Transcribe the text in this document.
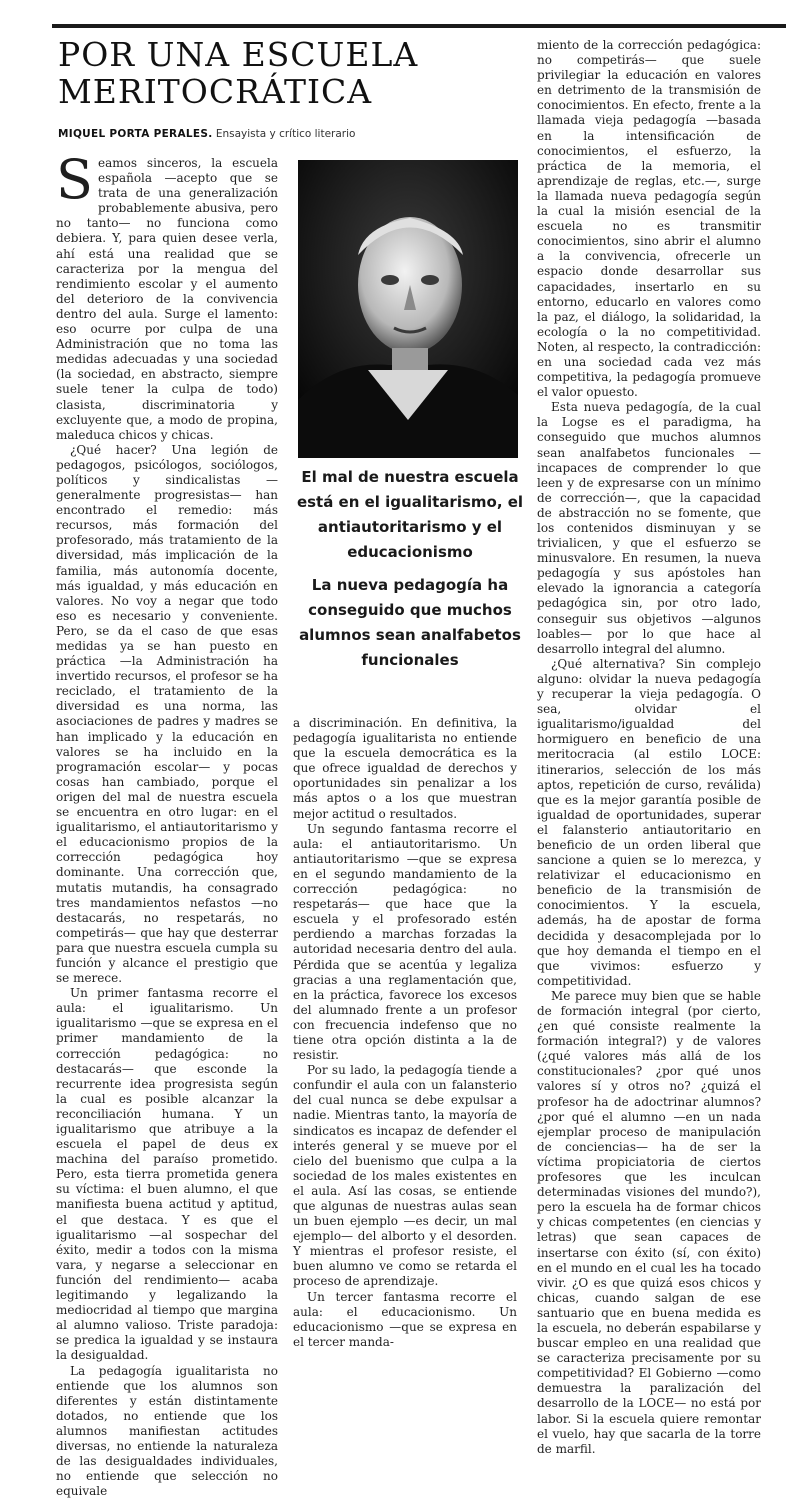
POR UNA ESCUELA MERITOCRÁTICA
MIQUEL PORTA PERALES. Ensayista y crítico literario

Seamos sinceros, la escuela española —acepto que se trata de una generalización probablemente abusiva, pero no tanto— no funciona como debiera. Y, para quien desee verla, ahí está una realidad que se caracteriza por la mengua del rendimiento escolar y el aumento del deterioro de la convivencia dentro del aula. Surge el lamento: eso ocurre por culpa de una Administración que no toma las medidas adecuadas y una sociedad (la sociedad, en abstracto, siempre suele tener la culpa de todo) clasista, discriminatoria y excluyente que, a modo de propina, maleduca chicos y chicas.

¿Qué hacer? Una legión de pedagogos, psicólogos, sociólogos, políticos y sindicalistas —generalmente progresistas— han encontrado el remedio: más recursos, más formación del profesorado, más tratamiento de la diversidad, más implicación de la familia, más autonomía docente, más igualdad, y más educación en valores. No voy a negar que todo eso es necesario y conveniente. Pero, se da el caso de que esas medidas ya se han puesto en práctica —la Administración ha invertido recursos, el profesor se ha reciclado, el tratamiento de la diversidad es una norma, las asociaciones de padres y madres se han implicado y la educación en valores se ha incluido en la programación escolar— y pocas cosas han cambiado, porque el origen del mal de nuestra escuela se encuentra en otro lugar: en el igualitarismo, el antiautoritarismo y el educacionismo propios de la corrección pedagógica hoy dominante. Una corrección que, mutatis mutandis, ha consagrado tres mandamientos nefastos —no destacarás, no respetarás, no competirás— que hay que desterrar para que nuestra escuela cumpla su función y alcance el prestigio que se merece.

Un primer fantasma recorre el aula: el igualitarismo. Un igualitarismo —que se expresa en el primer mandamiento de la corrección pedagógica: no destacarás— que esconde la recurrente idea progresista según la cual es posible alcanzar la reconciliación humana. Y un igualitarismo que atribuye a la escuela el papel de deus ex machina del paraíso prometido. Pero, esta tierra prometida genera su víctima: el buen alumno, el que manifiesta buena actitud y aptitud, el que destaca. Y es que el igualitarismo —al sospechar del éxito, medir a todos con la misma vara, y negarse a seleccionar en función del rendimiento— acaba legitimando y legalizando la mediocridad al tiempo que margina al alumno valioso. Triste paradoja: se predica la igualdad y se instaura la desigualdad.

La pedagogía igualitarista no entiende que los alumnos son diferentes y están distintamente dotados, no entiende que los alumnos manifiestan actitudes diversas, no entiende la naturaleza de las desigualdades individuales, no entiende que selección no equivale

El mal de nuestra escuela está en el igualitarismo, el antiautoritarismo y el educacionismo

La nueva pedagogía ha conseguido que muchos alumnos sean analfabetos funcionales

a discriminación. En definitiva, la pedagogía igualitarista no entiende que la escuela democrática es la que ofrece igualdad de derechos y oportunidades sin penalizar a los más aptos o a los que muestran mejor actitud o resultados.

Un segundo fantasma recorre el aula: el antiautoritarismo. Un antiautoritarismo —que se expresa en el segundo mandamiento de la corrección pedagógica: no respetarás— que hace que la escuela y el profesorado estén perdiendo a marchas forzadas la autoridad necesaria dentro del aula. Pérdida que se acentúa y legaliza gracias a una reglamentación que, en la práctica, favorece los excesos del alumnado frente a un profesor con frecuencia indefenso que no tiene otra opción distinta a la de resistir.

Por su lado, la pedagogía tiende a confundir el aula con un falansterio del cual nunca se debe expulsar a nadie. Mientras tanto, la mayoría de sindicatos es incapaz de defender el interés general y se mueve por el cielo del buenismo que culpa a la sociedad de los males existentes en el aula. Así las cosas, se entiende que algunas de nuestras aulas sean un buen ejemplo —es decir, un mal ejemplo— del alborto y el desorden. Y mientras el profesor resiste, el buen alumno ve como se retarda el proceso de aprendizaje.

Un tercer fantasma recorre el aula: el educacionismo. Un educacionismo —que se expresa en el tercer manda-

miento de la corrección pedagógica: no competirás— que suele privilegiar la educación en valores en detrimento de la transmisión de conocimientos. En efecto, frente a la llamada vieja pedagogía —basada en la intensificación de conocimientos, el esfuerzo, la práctica de la memoria, el aprendizaje de reglas, etc.—, surge la llamada nueva pedagogía según la cual la misión esencial de la escuela no es transmitir conocimientos, sino abrir el alumno a la convivencia, ofrecerle un espacio donde desarrollar sus capacidades, insertarlo en su entorno, educarlo en valores como la paz, el diálogo, la solidaridad, la ecología o la no competitividad. Noten, al respecto, la contradicción: en una sociedad cada vez más competitiva, la pedagogía promueve el valor opuesto.

Esta nueva pedagogía, de la cual la Logse es el paradigma, ha conseguido que muchos alumnos sean analfabetos funcionales —incapaces de comprender lo que leen y de expresarse con un mínimo de corrección—, que la capacidad de abstracción no se fomente, que los contenidos disminuyan y se trivialicen, y que el esfuerzo se minusvalore. En resumen, la nueva pedagogía y sus apóstoles han elevado la ignorancia a categoría pedagógica sin, por otro lado, conseguir sus objetivos —algunos loables— por lo que hace al desarrollo integral del alumno.

¿Qué alternativa? Sin complejo alguno: olvidar la nueva pedagogía y recuperar la vieja pedagogía. O sea, olvidar el igualitarismo/igualdad del hormiguero en beneficio de una meritocracia (al estilo LOCE: itinerarios, selección de los más aptos, repetición de curso, reválida) que es la mejor garantía posible de igualdad de oportunidades, superar el falansterio antiautoritario en beneficio de un orden liberal que sancione a quien se lo merezca, y relativizar el educacionismo en beneficio de la transmisión de conocimientos. Y la escuela, además, ha de apostar de forma decidida y desacomplejada por lo que hoy demanda el tiempo en el que vivimos: esfuerzo y competitividad.

Me parece muy bien que se hable de formación integral (por cierto, ¿en qué consiste realmente la formación integral?) y de valores (¿qué valores más allá de los constitucionales? ¿por qué unos valores sí y otros no? ¿quizá el profesor ha de adoctrinar alumnos? ¿por qué el alumno —en un nada ejemplar proceso de manipulación de conciencias— ha de ser la víctima propiciatoria de ciertos profesores que les inculcan determinadas visiones del mundo?), pero la escuela ha de formar chicos y chicas competentes (en ciencias y letras) que sean capaces de insertarse con éxito (sí, con éxito) en el mundo en el cual les ha tocado vivir. ¿O es que quizá esos chicos y chicas, cuando salgan de ese santuario que en buena medida es la escuela, no deberán espabilarse y buscar empleo en una realidad que se caracteriza precisamente por su competitividad? El Gobierno —como demuestra la paralización del desarrollo de la LOCE— no está por labor. Si la escuela quiere remontar el vuelo, hay que sacarla de la torre de marfil.
